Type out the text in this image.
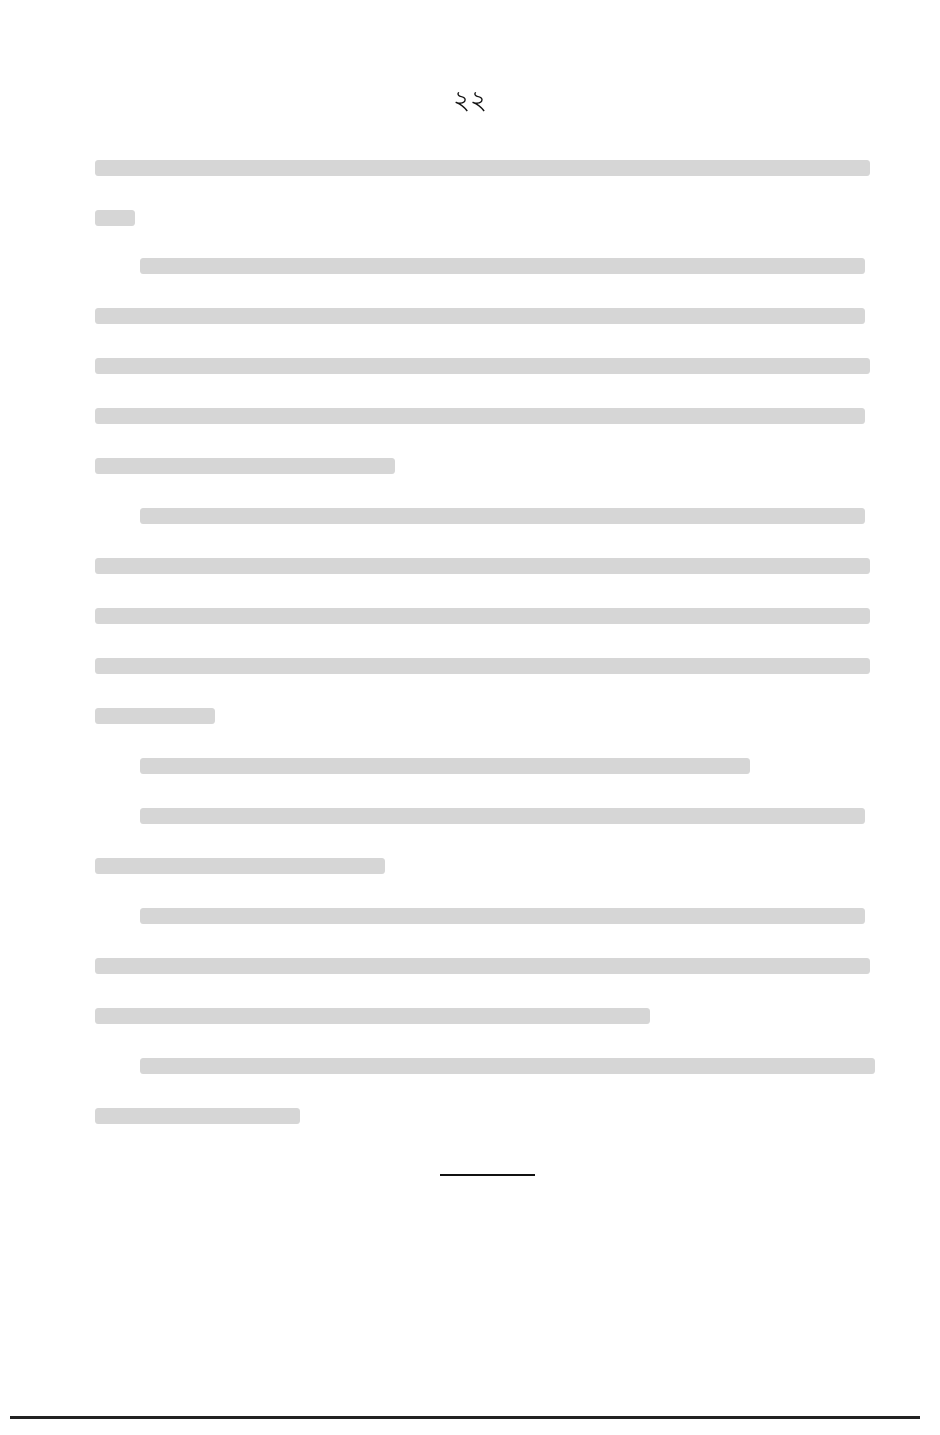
২২
